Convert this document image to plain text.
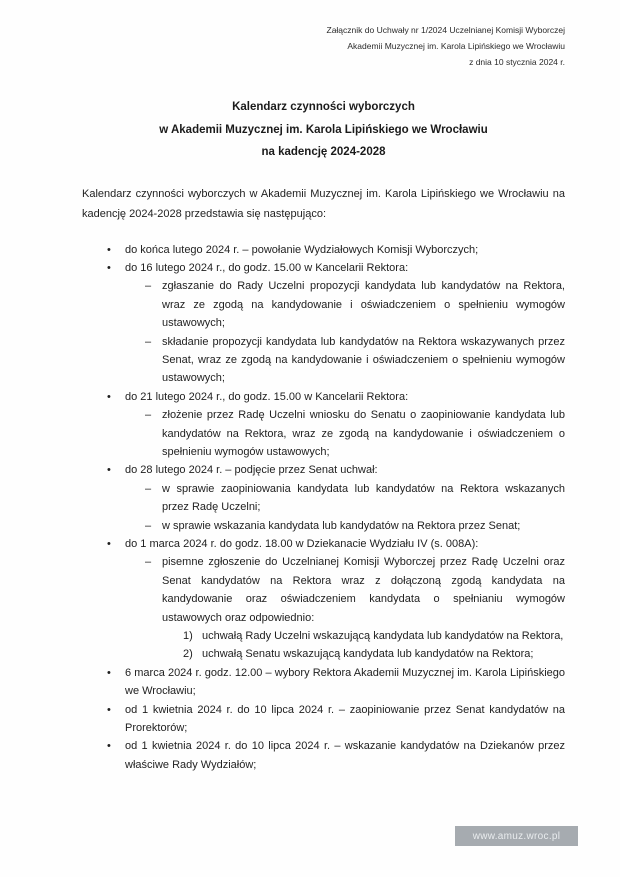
Załącznik do Uchwały nr 1/2024 Uczelnianej Komisji Wyborczej
Akademii Muzycznej im. Karola Lipińskiego we Wrocławiu
z dnia 10 stycznia 2024 r.
Kalendarz czynności wyborczych
w Akademii Muzycznej im. Karola Lipińskiego we Wrocławiu
na kadencję 2024-2028

Kalendarz czynności wyborczych w Akademii Muzycznej im. Karola Lipińskiego we Wrocławiu na kadencję 2024-2028 przedstawia się następująco:

•	do końca lutego 2024 r. – powołanie Wydziałowych Komisji Wyborczych;
•	do 16 lutego 2024 r., do godz. 15.00 w Kancelarii Rektora:
– zgłaszanie do Rady Uczelni propozycji kandydata lub kandydatów na Rektora, wraz ze zgodą na kandydowanie i oświadczeniem o spełnieniu wymogów ustawowych;
– składanie propozycji kandydata lub kandydatów na Rektora wskazywanych przez Senat, wraz ze zgodą na kandydowanie i oświadczeniem o spełnieniu wymogów ustawowych;
•	do 21 lutego 2024 r., do godz. 15.00 w Kancelarii Rektora:
– złożenie przez Radę Uczelni wniosku do Senatu o zaopiniowanie kandydata lub kandydatów na Rektora, wraz ze zgodą na kandydowanie i oświadczeniem o spełnieniu wymogów ustawowych;
•	do 28 lutego 2024 r. – podjęcie przez Senat uchwał:
– w sprawie zaopiniowania kandydata lub kandydatów na Rektora wskazanych przez Radę Uczelni;
– w sprawie wskazania kandydata lub kandydatów na Rektora przez Senat;
•	do 1 marca 2024 r. do godz. 18.00 w Dziekanacie Wydziału IV (s. 008A):
– pisemne zgłoszenie do Uczelnianej Komisji Wyborczej przez Radę Uczelni oraz Senat kandydatów na Rektora wraz z dołączoną zgodą kandydata na kandydowanie oraz oświadczeniem kandydata o spełnianiu wymogów ustawowych oraz odpowiednio:
1) uchwałą Rady Uczelni wskazującą kandydata lub kandydatów na Rektora,
2) uchwałą Senatu wskazującą kandydata lub kandydatów na Rektora;
•	6 marca 2024 r. godz. 12.00 – wybory Rektora Akademii Muzycznej im. Karola Lipińskiego we Wrocławiu;
•	od 1 kwietnia 2024 r. do 10 lipca 2024 r. – zaopiniowanie przez Senat kandydatów na Prorektorów;
•	od 1 kwietnia 2024 r. do 10 lipca 2024 r. – wskazanie kandydatów na Dziekanów przez właściwe Rady Wydziałów;
www.amuz.wroc.pl
